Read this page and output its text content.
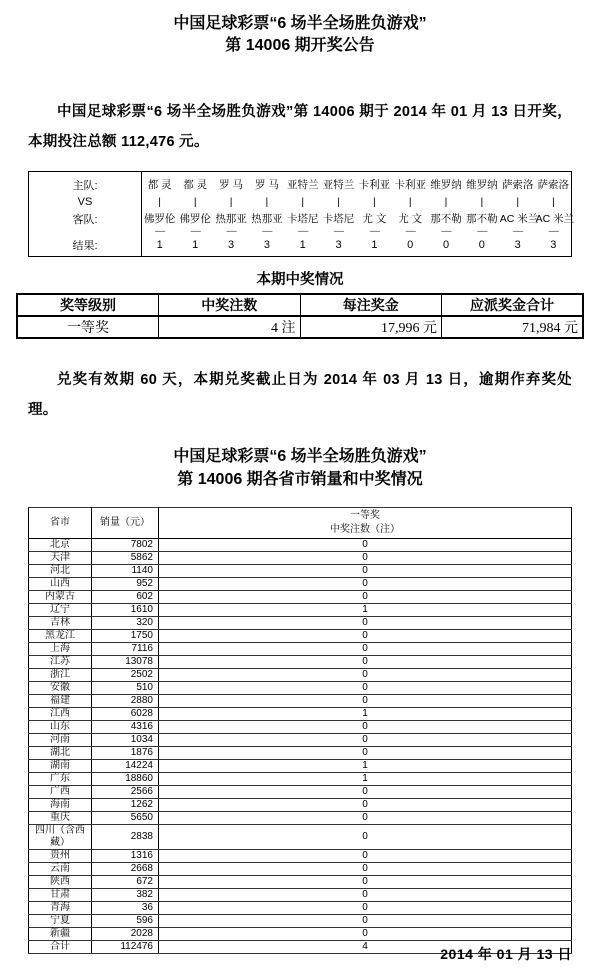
中国足球彩票“6 场半全场胜负游戏”
第 14006 期开奖公告

中国足球彩票“6 场半全场胜负游戏”第 14006 期于 2014 年 01 月 13 日开奖，本期投注总额 112,476 元。

主队:	都 灵	都 灵	罗 马	罗 马	亚特兰	亚特兰	卡利亚	卡利亚	维罗纳	维罗纳	萨索洛	萨索洛
VS	|	|	|	|	|	|	|	|	|	|	|	|
客队:	佛罗伦	佛罗伦	热那亚	热那亚	卡塔尼	卡塔尼	尤 文	尤 文	那不勒	那不勒	AC 米兰	AC 米兰
	-----	-----	-----	-----	-----	-----	-----	-----	-----	-----	-----	-----
结果:	1	1	3	3	1	3	1	0	0	0	3	3
本期中奖情况
奖等级别	中奖注数	每注奖金	应派奖金合计
一等奖	4 注	17,996 元	71,984 元

兑奖有效期 60 天，本期兑奖截止日为 2014 年 03 月 13 日，逾期作弃奖处理。

中国足球彩票“6 场半全场胜负游戏”
第 14006 期各省市销量和中奖情况
省市	销量（元）	一等奖
中奖注数（注）

北京	7802	0
天津	5862	0
河北	1140	0
山西	952	0
内蒙古	602	0
辽宁	1610	1
吉林	320	0
黑龙江	1750	0
上海	7116	0
江苏	13078	0
浙江	2502	0
安徽	510	0
福建	2880	0
江西	6028	1
山东	4316	0
河南	1034	0
湖北	1876	0
湖南	14224	1
广东	18860	1
广西	2566	0
海南	1262	0
重庆	5650	0
四川（含西藏）	2838	0
贵州	1316	0
云南	2668	0
陕西	672	0
甘肃	382	0
青海	36	0
宁夏	596	0
新疆	2028	0
合计	112476	4	2014 年 01 月 13 日
